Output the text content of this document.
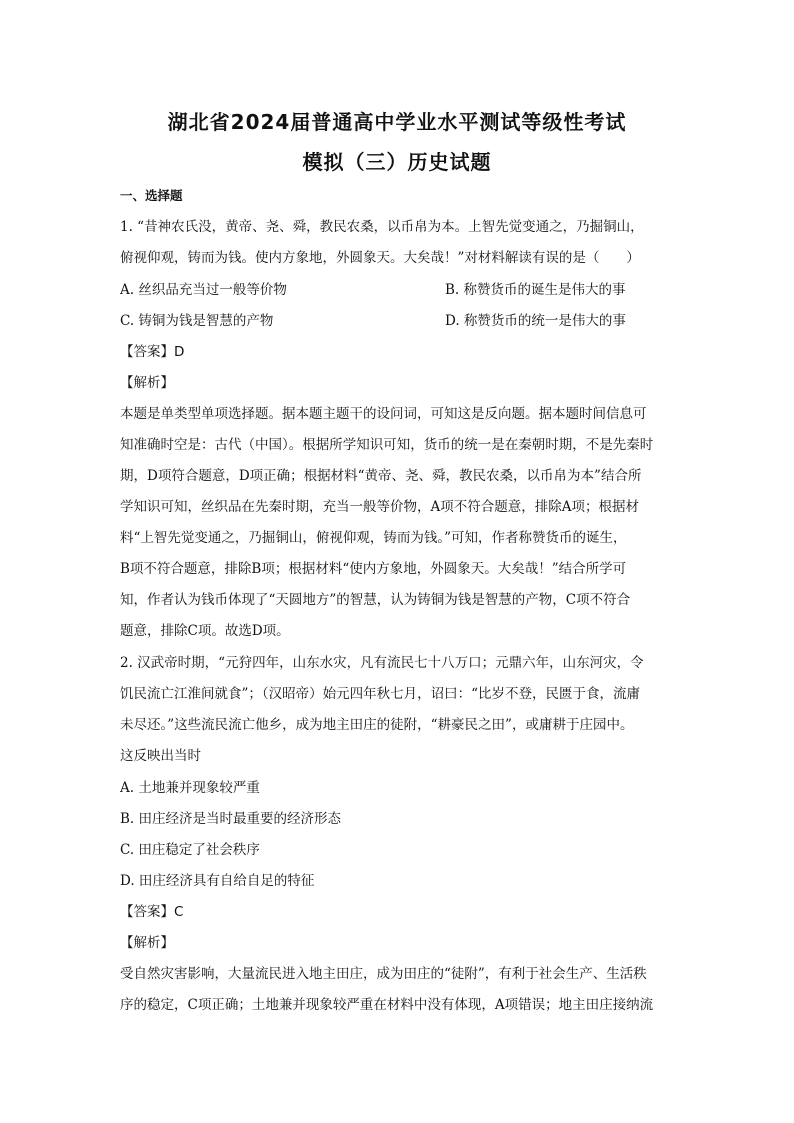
湖北省2024届普通高中学业水平测试等级性考试
模拟（三）历史试题
一、选择题
1. “昔神农氏没，黄帝、尧、舜，教民农桑，以币帛为本。上智先觉变通之，乃掘铜山，
俯视仰观，铸而为钱。使内方象地，外圆象天。大矣哉！”对材料解读有误的是（　　）
A. 丝织品充当过一般等价物	B. 称赞货币的诞生是伟大的事
C. 铸铜为钱是智慧的产物	D. 称赞货币的统一是伟大的事
【答案】D
【解析】
本题是单类型单项选择题。据本题主题干的设问词，可知这是反向题。据本题时间信息可
知准确时空是：古代（中国）。根据所学知识可知，货币的统一是在秦朝时期，不是先秦时
期，D项符合题意，D项正确；根据材料“黄帝、尧、舜，教民农桑，以币帛为本”结合所
学知识可知，丝织品在先秦时期，充当一般等价物，A项不符合题意，排除A项；根据材
料“上智先觉变通之，乃掘铜山，俯视仰观，铸而为钱。”可知，作者称赞货币的诞生，
B项不符合题意，排除B项；根据材料“使内方象地，外圆象天。大矣哉！”结合所学可
知，作者认为钱币体现了“天圆地方”的智慧，认为铸铜为钱是智慧的产物，C项不符合
题意，排除C项。故选D项。
2. 汉武帝时期，“元狩四年，山东水灾，凡有流民七十八万口；元鼎六年，山东河灾，令
饥民流亡江淮间就食”；（汉昭帝）始元四年秋七月，诏曰：“比岁不登，民匮于食，流庸
未尽还。”这些流民流亡他乡，成为地主田庄的徒附，“耕豪民之田”，或庸耕于庄园中。
这反映出当时
A. 土地兼并现象较严重
B. 田庄经济是当时最重要的经济形态
C. 田庄稳定了社会秩序
D. 田庄经济具有自给自足的特征
【答案】C
【解析】
受自然灾害影响，大量流民进入地主田庄，成为田庄的“徒附”，有利于社会生产、生活秩
序的稳定，C项正确；土地兼并现象较严重在材料中没有体现，A项错误；地主田庄接纳流
